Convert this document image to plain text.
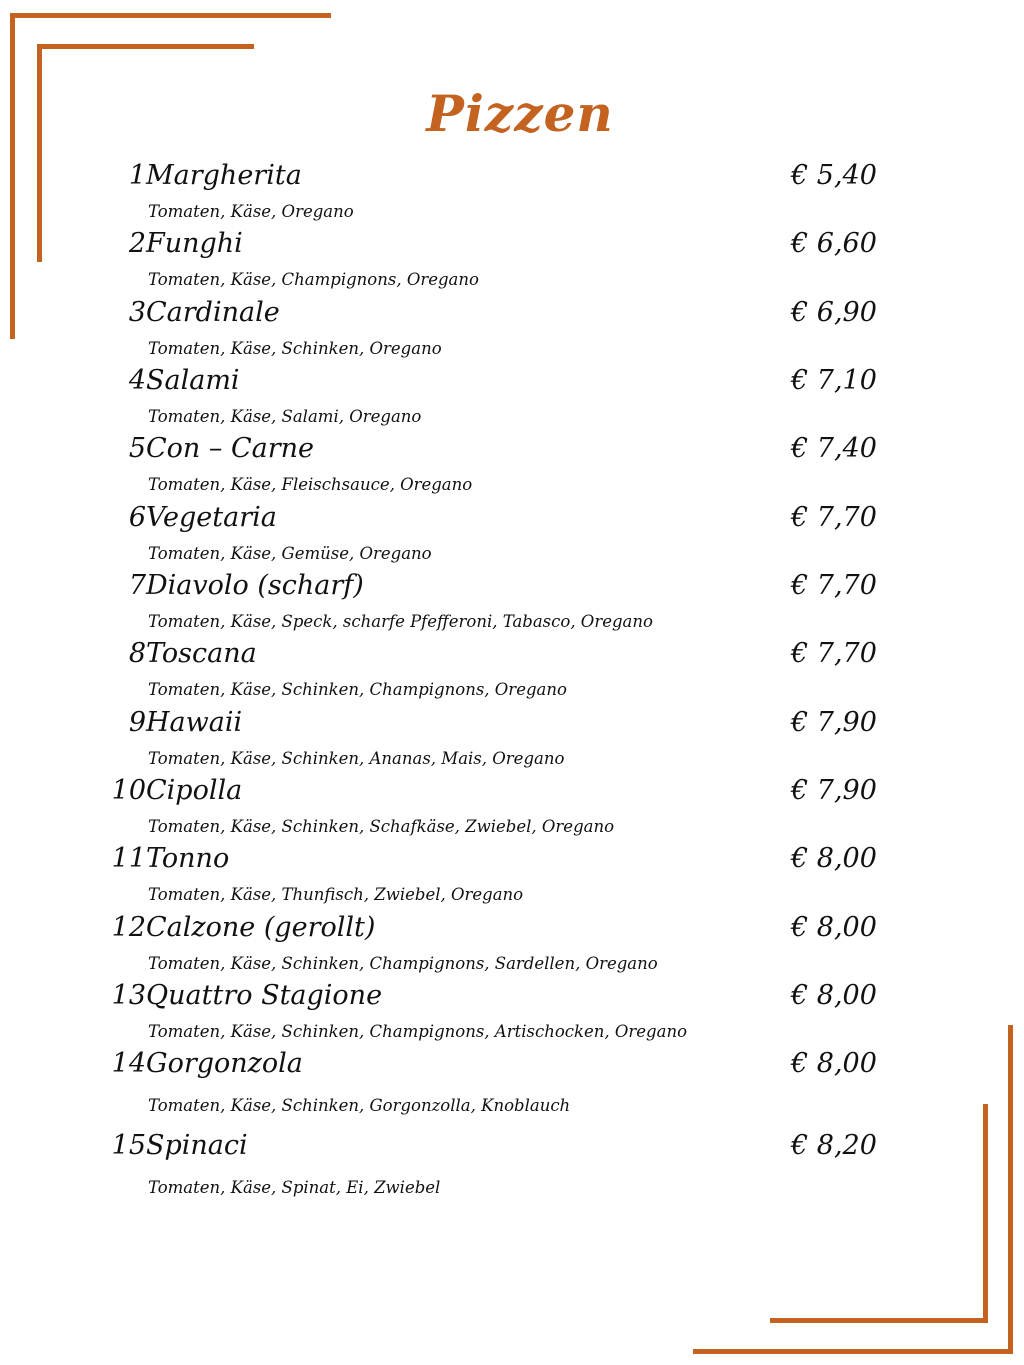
Pizzen
1 Margherita	€ 5,40
Tomaten, Käse, Oregano
2 Funghi	€ 6,60
Tomaten, Käse, Champignons, Oregano
3 Cardinale	€ 6,90
Tomaten, Käse, Schinken, Oregano
4 Salami	€ 7,10
Tomaten, Käse, Salami, Oregano
5 Con – Carne	€ 7,40
Tomaten, Käse, Fleischsauce, Oregano
6 Vegetaria	€ 7,70
Tomaten, Käse, Gemüse, Oregano
7 Diavolo (scharf)	€ 7,70
Tomaten, Käse, Speck, scharfe Pfefferoni, Tabasco, Oregano
8 Toscana	€ 7,70
Tomaten, Käse, Schinken, Champignons, Oregano
9 Hawaii	€ 7,90
Tomaten, Käse, Schinken, Ananas, Mais, Oregano
10 Cipolla	€ 7,90
Tomaten, Käse, Schinken, Schafkäse, Zwiebel, Oregano
11 Tonno	€ 8,00
Tomaten, Käse, Thunfisch, Zwiebel, Oregano
12 Calzone (gerollt)	€ 8,00
Tomaten, Käse, Schinken, Champignons, Sardellen, Oregano
13 Quattro Stagione	€ 8,00
Tomaten, Käse, Schinken, Champignons, Artischocken, Oregano
14 Gorgonzola	€ 8,00
Tomaten, Käse, Schinken, Gorgonzolla, Knoblauch
15 Spinaci	€ 8,20
Tomaten, Käse, Spinat, Ei, Zwiebel
